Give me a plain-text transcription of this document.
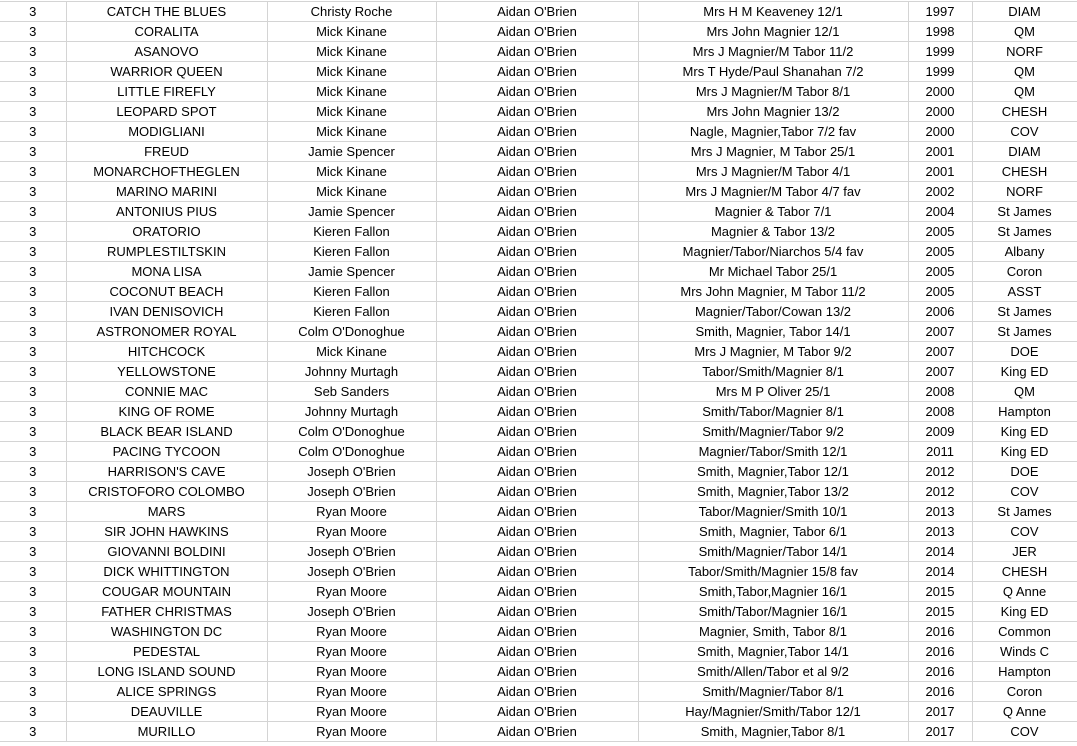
3	CATCH THE BLUES	Christy Roche	Aidan O'Brien	Mrs H M Keaveney 12/1	1997	DIAM
3	CORALITA	Mick Kinane	Aidan O'Brien	Mrs John Magnier 12/1	1998	QM
3	ASANOVO	Mick Kinane	Aidan O'Brien	Mrs J Magnier/M Tabor 11/2	1999	NORF
3	WARRIOR QUEEN	Mick Kinane	Aidan O'Brien	Mrs T Hyde/Paul Shanahan 7/2	1999	QM
3	LITTLE FIREFLY	Mick Kinane	Aidan O'Brien	Mrs J Magnier/M Tabor 8/1	2000	QM
3	LEOPARD SPOT	Mick Kinane	Aidan O'Brien	Mrs John Magnier 13/2	2000	CHESH
3	MODIGLIANI	Mick Kinane	Aidan O'Brien	Nagle, Magnier,Tabor 7/2 fav	2000	COV
3	FREUD	Jamie Spencer	Aidan O'Brien	Mrs J Magnier, M Tabor 25/1	2001	DIAM
3	MONARCHOFTHEGLEN	Mick Kinane	Aidan O'Brien	Mrs J Magnier/M Tabor 4/1	2001	CHESH
3	MARINO MARINI	Mick Kinane	Aidan O'Brien	Mrs J Magnier/M Tabor 4/7 fav	2002	NORF
3	ANTONIUS PIUS	Jamie Spencer	Aidan O'Brien	Magnier & Tabor 7/1	2004	St James
3	ORATORIO	Kieren Fallon	Aidan O'Brien	Magnier & Tabor 13/2	2005	St James
3	RUMPLESTILTSKIN	Kieren Fallon	Aidan O'Brien	Magnier/Tabor/Niarchos 5/4 fav	2005	Albany
3	MONA LISA	Jamie Spencer	Aidan O'Brien	Mr Michael Tabor 25/1	2005	Coron
3	COCONUT BEACH	Kieren Fallon	Aidan O'Brien	Mrs John Magnier, M Tabor 11/2	2005	ASST
3	IVAN DENISOVICH	Kieren Fallon	Aidan O'Brien	Magnier/Tabor/Cowan 13/2	2006	St James
3	ASTRONOMER ROYAL	Colm O'Donoghue	Aidan O'Brien	Smith, Magnier, Tabor 14/1	2007	St James
3	HITCHCOCK	Mick Kinane	Aidan O'Brien	Mrs J Magnier, M Tabor 9/2	2007	DOE
3	YELLOWSTONE	Johnny Murtagh	Aidan O'Brien	Tabor/Smith/Magnier 8/1	2007	King ED
3	CONNIE MAC	Seb Sanders	Aidan O'Brien	Mrs M P Oliver 25/1	2008	QM
3	KING OF ROME	Johnny Murtagh	Aidan O'Brien	Smith/Tabor/Magnier 8/1	2008	Hampton
3	BLACK BEAR ISLAND	Colm O'Donoghue	Aidan O'Brien	Smith/Magnier/Tabor 9/2	2009	King ED
3	PACING TYCOON	Colm O'Donoghue	Aidan O'Brien	Magnier/Tabor/Smith 12/1	2011	King ED
3	HARRISON'S CAVE	Joseph O'Brien	Aidan O'Brien	Smith, Magnier,Tabor 12/1	2012	DOE
3	CRISTOFORO COLOMBO	Joseph O'Brien	Aidan O'Brien	Smith, Magnier,Tabor 13/2	2012	COV
3	MARS	Ryan Moore	Aidan O'Brien	Tabor/Magnier/Smith 10/1	2013	St James
3	SIR JOHN HAWKINS	Ryan Moore	Aidan O'Brien	Smith, Magnier, Tabor 6/1	2013	COV
3	GIOVANNI BOLDINI	Joseph O'Brien	Aidan O'Brien	Smith/Magnier/Tabor 14/1	2014	JER
3	DICK WHITTINGTON	Joseph O'Brien	Aidan O'Brien	Tabor/Smith/Magnier 15/8 fav	2014	CHESH
3	COUGAR MOUNTAIN	Ryan Moore	Aidan O'Brien	Smith,Tabor,Magnier 16/1	2015	Q Anne
3	FATHER CHRISTMAS	Joseph O'Brien	Aidan O'Brien	Smith/Tabor/Magnier 16/1	2015	King ED
3	WASHINGTON DC	Ryan Moore	Aidan O'Brien	Magnier, Smith, Tabor 8/1	2016	Common
3	PEDESTAL	Ryan Moore	Aidan O'Brien	Smith, Magnier,Tabor 14/1	2016	Winds C
3	LONG ISLAND SOUND	Ryan Moore	Aidan O'Brien	Smith/Allen/Tabor et al 9/2	2016	Hampton
3	ALICE SPRINGS	Ryan Moore	Aidan O'Brien	Smith/Magnier/Tabor 8/1	2016	Coron
3	DEAUVILLE	Ryan Moore	Aidan O'Brien	Hay/Magnier/Smith/Tabor 12/1	2017	Q Anne
3	MURILLO	Ryan Moore	Aidan O'Brien	Smith, Magnier,Tabor 8/1	2017	COV
